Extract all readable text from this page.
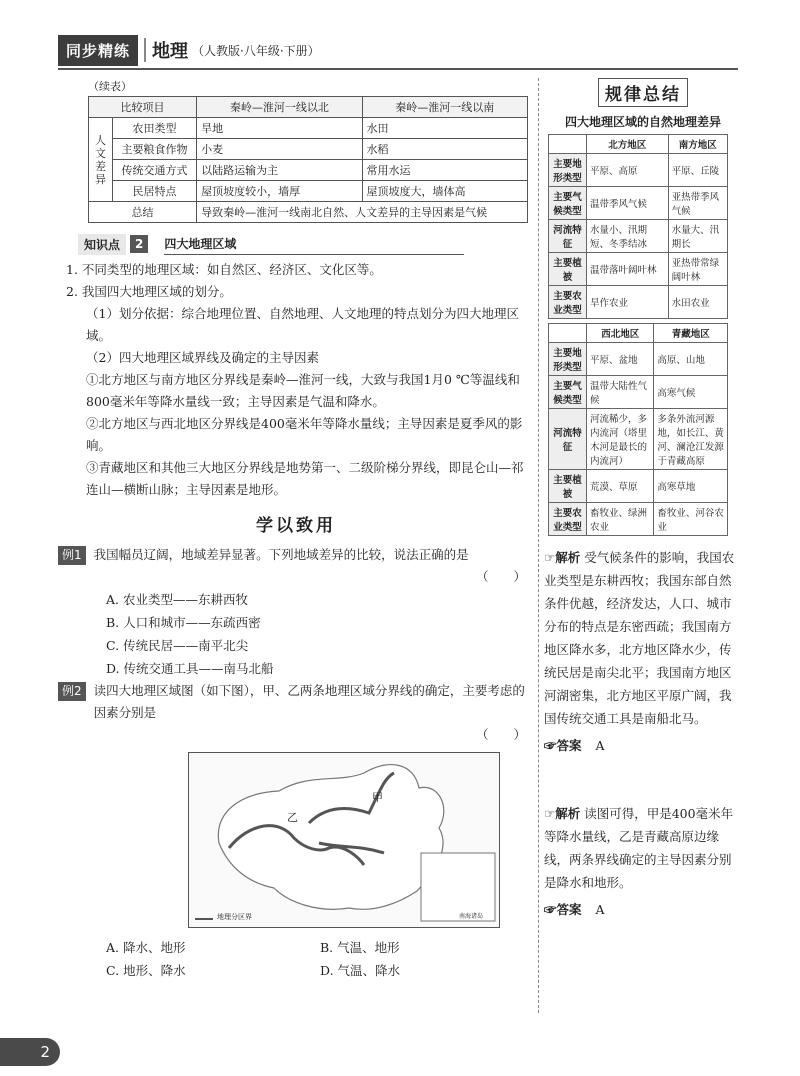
同步精练	地理 （人教版·八年级·下册）
（续表）
比较项目		秦岭—淮河一线以北	秦岭—淮河一线以南
人文差异	农田类型	旱地	水田
	主要粮食作物	小麦	水稻
	传统交通方式	以陆路运输为主	常用水运
	民居特点	屋顶坡度较小，墙厚	屋顶坡度大，墙体高
总结		导致秦岭—淮河一线南北自然、人文差异的主导因素是气候	
知识点	2	四大地理区域
1. 不同类型的地理区域：如自然区、经济区、文化区等。
2. 我国四大地理区域的划分。
（1）划分依据：综合地理位置、自然地理、人文地理的特点划分为四大地理区域。
（2）四大地理区域界线及确定的主导因素
①北方地区与南方地区分界线是秦岭—淮河一线，大致与我国1月0 ℃等温线和800毫米年等降水量线一致；主导因素是气温和降水。
②北方地区与西北地区分界线是400毫米年等降水量线；主导因素是夏季风的影响。
③青藏地区和其他三大地区分界线是地势第一、二级阶梯分界线，即昆仑山—祁连山—横断山脉；主导因素是地形。
学以致用
例1 我国幅员辽阔，地域差异显著。下列地域差异的比较，说法正确的是
（　　）
A. 农业类型——东耕西牧
B. 人口和城市——东疏西密
C. 传统民居——南平北尖
D. 传统交通工具——南马北船
例2 读四大地理区域图（如下图），甲、乙两条地理区域分界线的确定，主要考虑的因素分别是
（　　）
甲
乙
地理分区界	南海诸岛
A. 降水、地形	B. 气温、地形
C. 地形、降水	D. 气温、降水
规律总结
四大地理区域的自然地理差异
	北方地区	南方地区
主要地形类型	平原、高原	平原、丘陵
主要气候类型	温带季风气候	亚热带季风气候
河流特征	水量小、汛期短、冬季结冰	水量大、汛期长
主要植被	温带落叶阔叶林	亚热带常绿阔叶林
主要农业类型	旱作农业	水田农业
	西北地区	青藏地区
主要地形类型	平原、盆地	高原、山地
主要气候类型	温带大陆性气候	高寒气候
河流特征	河流稀少，多内流河（塔里木河是最长的内流河）	多条外流河源地，如长江、黄河、澜沧江发源于青藏高原
主要植被	荒漠、草原	高寒草地
主要农业类型	畜牧业、绿洲农业	畜牧业、河谷农业
☞解析 受气候条件的影响，我国农业类型是东耕西牧；我国东部自然条件优越，经济发达，人口、城市分布的特点是东密西疏；我国南方地区降水多，北方地区降水少，传统民居是南尖北平；我国南方地区河湖密集，北方地区平原广阔，我国传统交通工具是南船北马。
☞答案 A
☞解析 读图可得，甲是400毫米年等降水量线，乙是青藏高原边缘线，两条界线确定的主导因素分别是降水和地形。
☞答案 A
2
